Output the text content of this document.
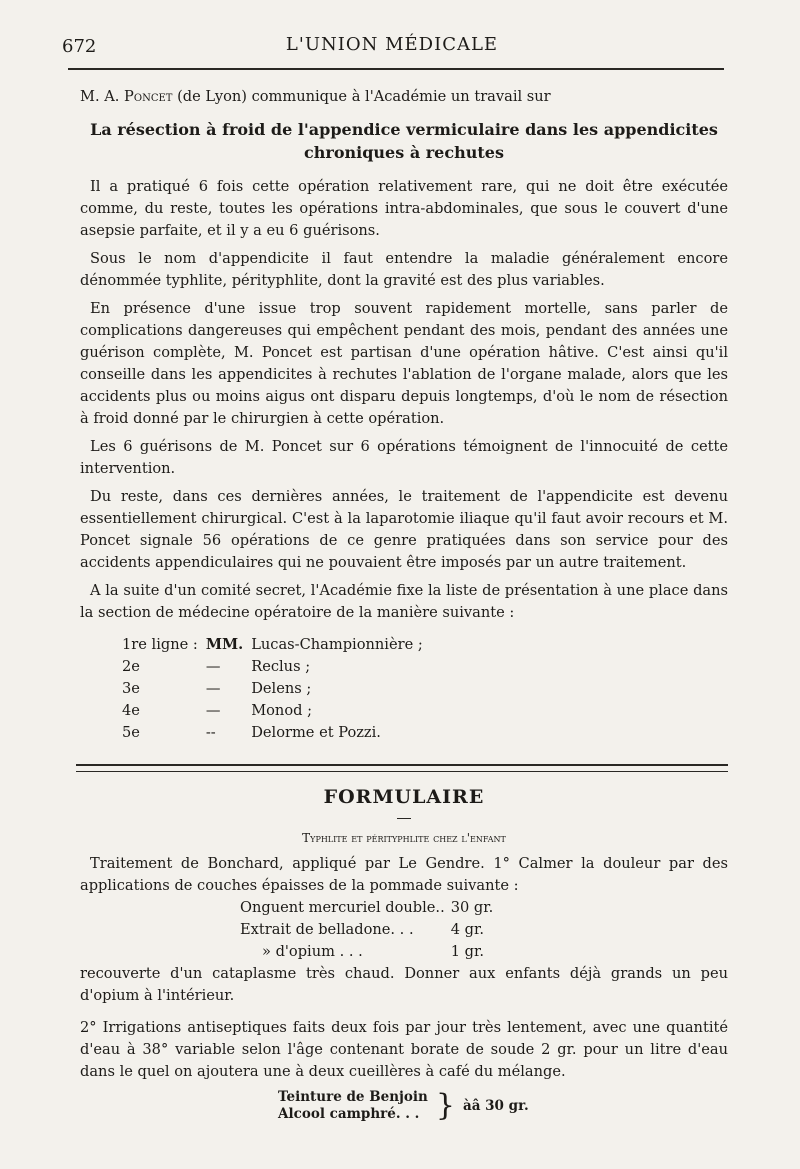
672	L'UNION MÉDICALE

M. A. Poncet (de Lyon) communique à l'Académie un travail sur

La résection à froid de l'appendice vermiculaire dans les appendicites
chroniques à rechutes

Il a pratiqué 6 fois cette opération relativement rare, qui ne doit être exécutée comme, du reste, toutes les opérations intra-abdominales, que sous le couvert d'une asepsie parfaite, et il y a eu 6 guérisons.

Sous le nom d'appendicite il faut entendre la maladie généralement encore dénommée typhlite, pérityphlite, dont la gravité est des plus variables.

En présence d'une issue trop souvent rapidement mortelle, sans parler de complications dangereuses qui empêchent pendant des mois, pendant des années une guérison complète, M. Poncet est partisan d'une opération hâtive. C'est ainsi qu'il conseille dans les appendicites à rechutes l'ablation de l'organe malade, alors que les accidents plus ou moins aigus ont disparu depuis longtemps, d'où le nom de résection à froid donné par le chirurgien à cette opération.

Les 6 guérisons de M. Poncet sur 6 opérations témoignent de l'innocuité de cette intervention.

Du reste, dans ces dernières années, le traitement de l'appendicite est devenu essentiellement chirurgical. C'est à la laparotomie iliaque qu'il faut avoir recours et M. Poncet signale 56 opérations de ce genre pratiquées dans son service pour des accidents appendiculaires qui ne pouvaient être imposés par un autre traitement.

A la suite d'un comité secret, l'Académie fixe la liste de présentation à une place dans la section de médecine opératoire de la manière suivante :

1re ligne :	MM.	Lucas-Championnière ;
2e	—	Reclus ;
3e	—	Delens ;
4e	—	Monod ;
5e	--	Delorme et Pozzi.
FORMULAIRE
Typhlite et pérityphlite chez l'enfant

Traitement de Bonchard, appliqué par Le Gendre. 1° Calmer la douleur par des applications de couches épaisses de la pommade suivante :

Onguent mercuriel double..	30 gr.
Extrait de belladone. . .	4 gr.
» d'opium . . .	1 gr.

recouverte d'un cataplasme très chaud. Donner aux enfants déjà grands un peu d'opium à l'intérieur.

2° Irrigations antiseptiques faits deux fois par jour très lentement, avec une quantité d'eau à 38° variable selon l'âge contenant borate de soude 2 gr. pour un litre d'eau dans le quel on ajoutera une à deux cueillères à café du mélange.

Teinture de Benjoin
Alcool camphré. . . } àâ 30 gr.
